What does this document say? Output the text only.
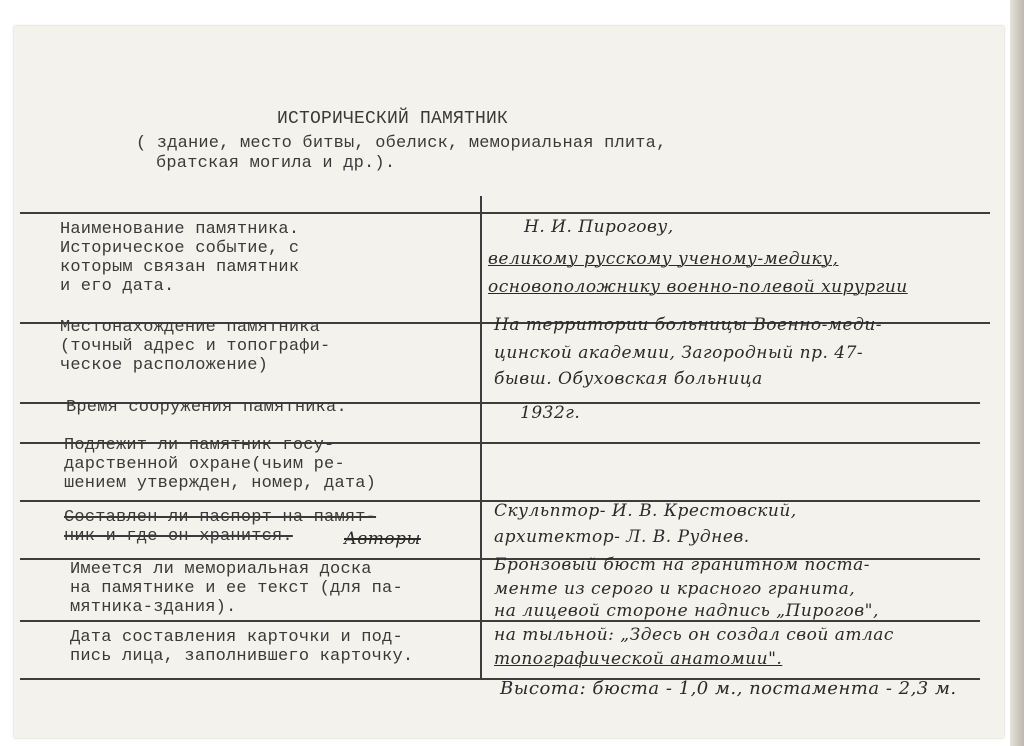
ИСТОРИЧЕСКИЙ ПАМЯТНИК
( здание, место битвы, обелиск, мемориальная плита,
братская могила и др.).
Наименование памятника.
Историческое событие, с
которым связан памятник
и его дата.
Н. И. Пирогову,
великому русскому ученому-медику,
основоположнику военно-полевой хирургии
Местонахождение памятника
(точный адрес и топографи-
ческое расположение)
На территории больницы Военно-меди-
цинской академии, Загородный пр. 47-
бывш. Обуховская больница
Время сооружения памятника.	1932г.
Подлежит ли памятник госу-
дарственной охране(чьим ре-
шением утвержден, номер, дата)
Составлен ли паспорт на памят-
ник и где он хранится.	Авторы
Скульптор- И. В. Крестовский,
архитектор- Л. В. Руднев.
Имеется ли мемориальная доска
на памятнике и ее текст (для па-
мятника-здания).
Бронзовый бюст на гранитном поста-
менте из серого и красного гранита,
на лицевой стороне надпись „Пирогов",
Дата составления карточки и под-
пись лица, заполнившего карточку.
на тыльной: „Здесь он создал свой атлас
топографической анатомии".
Высота: бюста - 1,0 м., постамента - 2,3 м.
